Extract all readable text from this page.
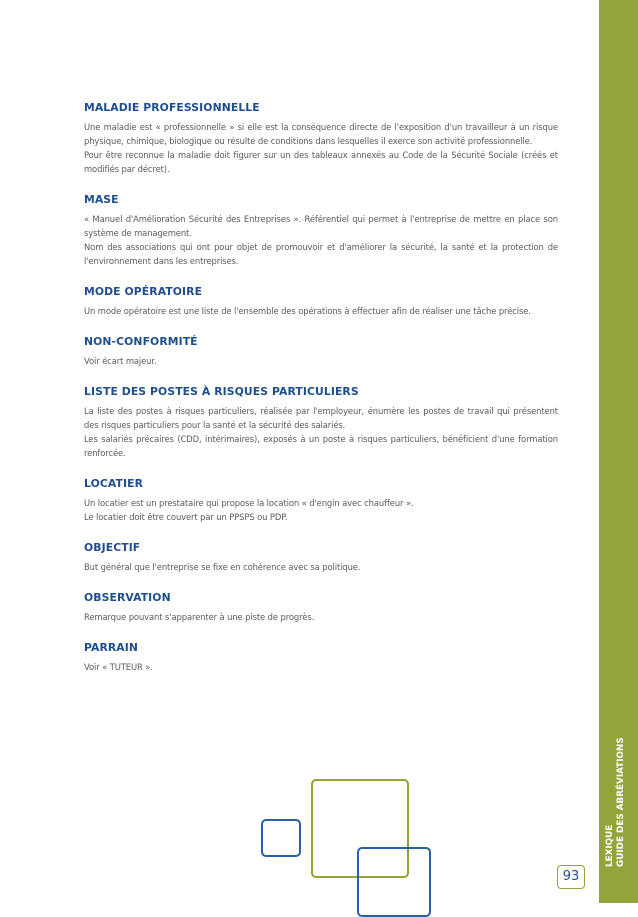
MALADIE PROFESSIONNELLE

Une maladie est « professionnelle » si elle est la conséquence directe de l'exposition d'un travailleur à un risque physique, chimique, biologique ou résulte de conditions dans lesquelles il exerce son activité professionnelle.

Pour être reconnue la maladie doit figurer sur un des tableaux annexés au Code de la Sécurité Sociale (créés et modifiés par décret).

MASE

« Manuel d'Amélioration Sécurité des Entreprises ». Référentiel qui permet à l'entreprise de mettre en place son système de management.

Nom des associations qui ont pour objet de promouvoir et d'améliorer la sécurité, la santé et la protection de l'environnement dans les entreprises.

MODE OPÉRATOIRE

Un mode opératoire est une liste de l'ensemble des opérations à effectuer afin de réaliser une tâche précise.

NON-CONFORMITÉ

Voir écart majeur.

LISTE DES POSTES À RISQUES PARTICULIERS

La liste des postes à risques particuliers, réalisée par l'employeur, énumère les postes de travail qui présentent des risques particuliers pour la santé et la sécurité des salariés.

Les salariés précaires (CDD, intérimaires), exposés à un poste à risques particuliers, bénéficient d'une formation renforcée.

LOCATIER

Un locatier est un prestataire qui propose la location « d'engin avec chauffeur ».

Le locatier doit être couvert par un PPSPS ou PDP.

OBJECTIF

But général que l'entreprise se fixe en cohérence avec sa politique.

OBSERVATION

Remarque pouvant s'apparenter à une piste de progrès.

PARRAIN

Voir « TUTEUR ».

LEXIQUE GUIDE DES ABRÉVIATIONS
93
